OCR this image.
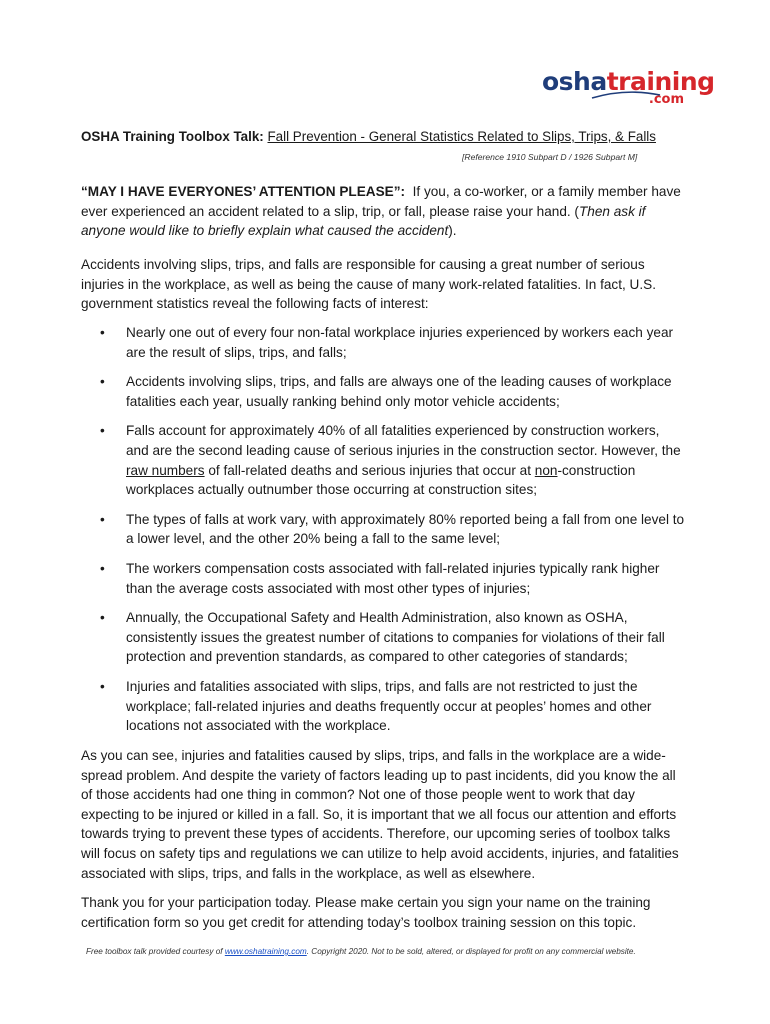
oshatraining
.com
OSHA Training Toolbox Talk: Fall Prevention - General Statistics Related to Slips, Trips, & Falls
[Reference 1910 Subpart D / 1926 Subpart M]
“MAY I HAVE EVERYONES’ ATTENTION PLEASE”: If you, a co-worker, or a family member have ever experienced an accident related to a slip, trip, or fall, please raise your hand. (Then ask if anyone would like to briefly explain what caused the accident).
Accidents involving slips, trips, and falls are responsible for causing a great number of serious injuries in the workplace, as well as being the cause of many work-related fatalities. In fact, U.S. government statistics reveal the following facts of interest:
• Nearly one out of every four non-fatal workplace injuries experienced by workers each year are the result of slips, trips, and falls;
• Accidents involving slips, trips, and falls are always one of the leading causes of workplace fatalities each year, usually ranking behind only motor vehicle accidents;
• Falls account for approximately 40% of all fatalities experienced by construction workers, and are the second leading cause of serious injuries in the construction sector. However, the raw numbers of fall-related deaths and serious injuries that occur at non-construction workplaces actually outnumber those occurring at construction sites;
• The types of falls at work vary, with approximately 80% reported being a fall from one level to a lower level, and the other 20% being a fall to the same level;
• The workers compensation costs associated with fall-related injuries typically rank higher than the average costs associated with most other types of injuries;
• Annually, the Occupational Safety and Health Administration, also known as OSHA, consistently issues the greatest number of citations to companies for violations of their fall protection and prevention standards, as compared to other categories of standards;
• Injuries and fatalities associated with slips, trips, and falls are not restricted to just the workplace; fall-related injuries and deaths frequently occur at peoples’ homes and other locations not associated with the workplace.
As you can see, injuries and fatalities caused by slips, trips, and falls in the workplace are a wide-spread problem. And despite the variety of factors leading up to past incidents, did you know the all of those accidents had one thing in common? Not one of those people went to work that day expecting to be injured or killed in a fall. So, it is important that we all focus our attention and efforts towards trying to prevent these types of accidents. Therefore, our upcoming series of toolbox talks will focus on safety tips and regulations we can utilize to help avoid accidents, injuries, and fatalities associated with slips, trips, and falls in the workplace, as well as elsewhere.
Thank you for your participation today. Please make certain you sign your name on the training certification form so you get credit for attending today’s toolbox training session on this topic.
Free toolbox talk provided courtesy of www.oshatraining.com. Copyright 2020. Not to be sold, altered, or displayed for profit on any commercial website.
